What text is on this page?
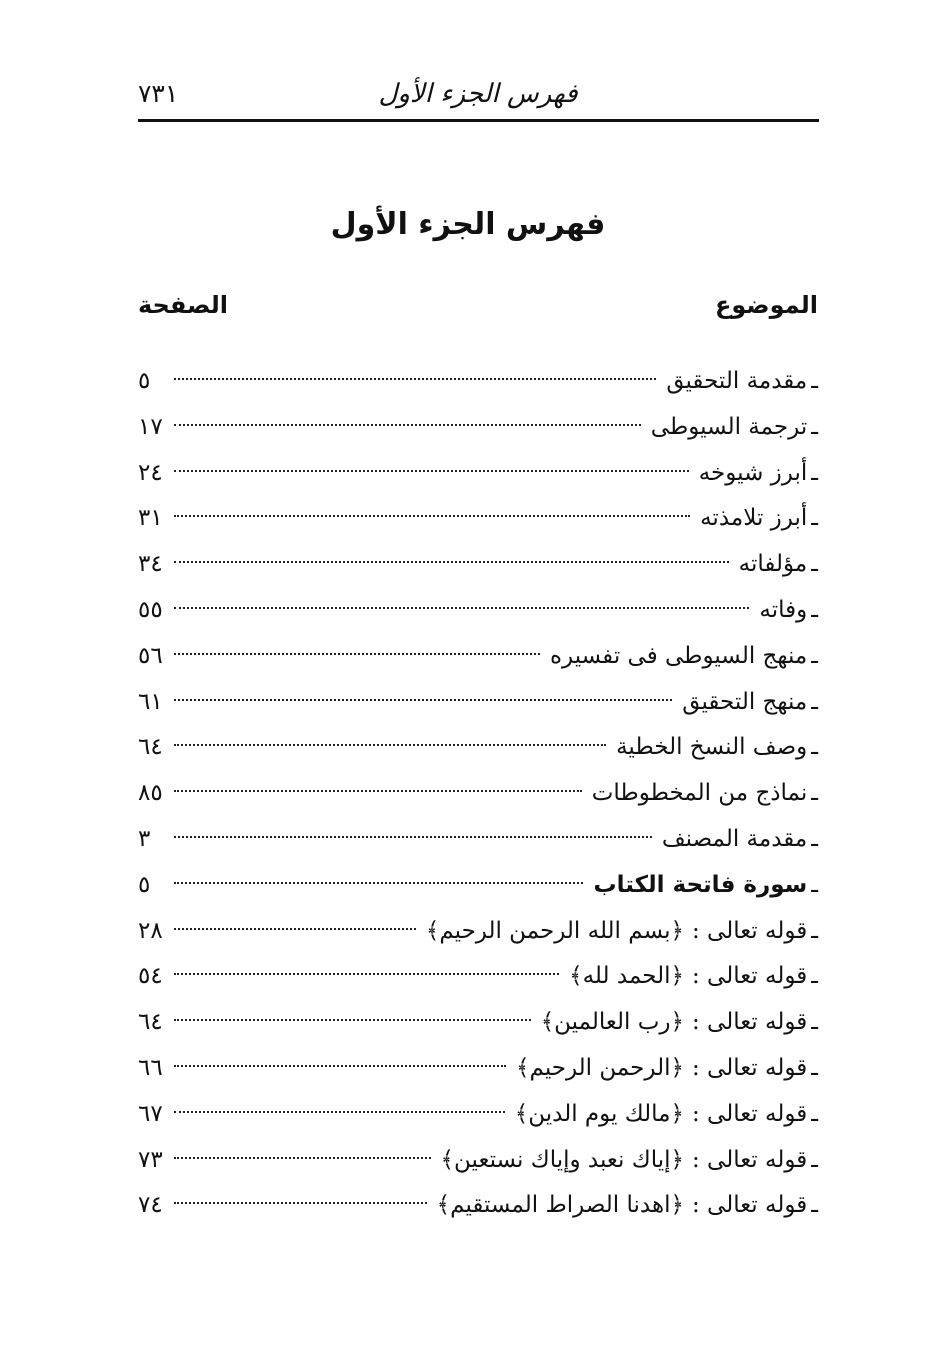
فهرس الجزء الأول
٧٣١
فهرس الجزء الأول
الموضوع
الصفحة
ـ
مقدمة التحقيق
٥
ـ
ترجمة السيوطى
١٧
ـ
أبرز شيوخه
٢٤
ـ
أبرز تلامذته
٣١
ـ
مؤلفاته
٣٤
ـ
وفاته
٥٥
ـ
منهج السيوطى فى تفسيره
٥٦
ـ
منهج التحقيق
٦١
ـ
وصف النسخ الخطية
٦٤
ـ
نماذج من المخطوطات
٨٥
ـ
مقدمة المصنف
٣
ـ
سورة فاتحة الكتاب
٥
ـ
قوله تعالى :
﴿بسم الله الرحمن الرحيم﴾
٢٨
ـ
قوله تعالى :
﴿الحمد لله﴾
٥٤
ـ
قوله تعالى :
﴿رب العالمين﴾
٦٤
ـ
قوله تعالى :
﴿الرحمن الرحيم﴾
٦٦
ـ
قوله تعالى :
﴿مالك يوم الدين﴾
٦٧
ـ
قوله تعالى :
﴿إياك نعبد وإياك نستعين﴾
٧٣
ـ
قوله تعالى :
﴿اهدنا الصراط المستقيم﴾
٧٤
